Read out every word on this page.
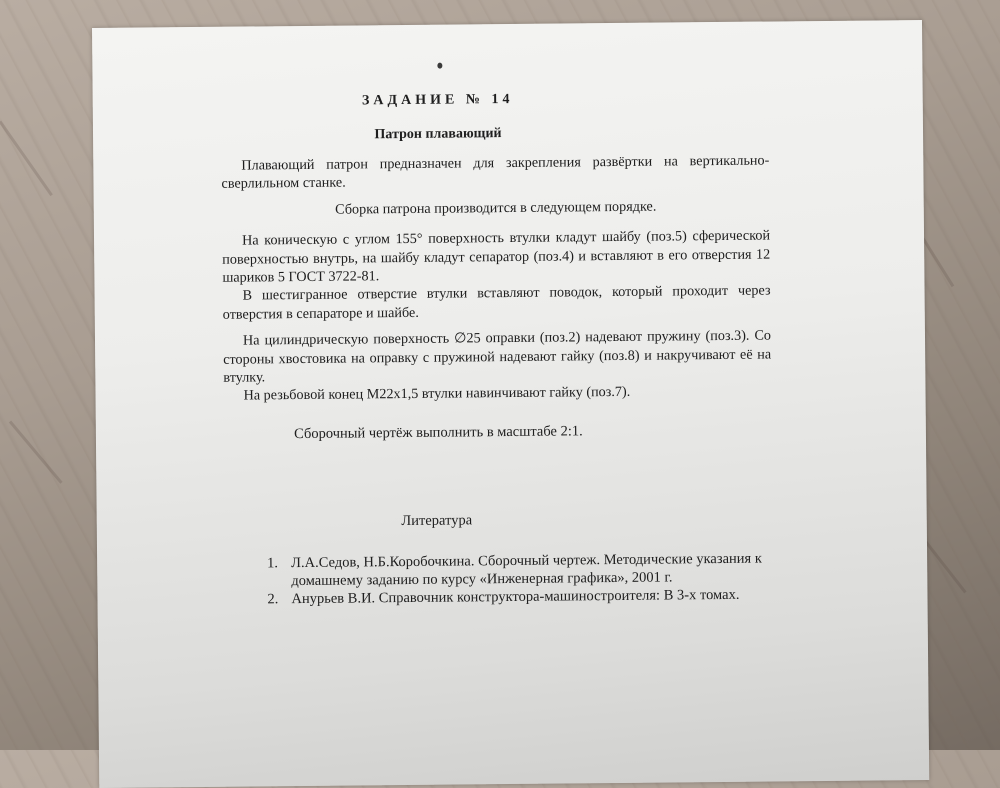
ЗАДАНИЕ № 14
Патрон плавающий

Плавающий патрон предназначен для закрепления развёртки на вертикально-сверлильном станке.

Сборка патрона производится в следующем порядке.

На коническую с углом 155° поверхность втулки кладут шайбу (поз.5) сферической поверхностью внутрь, на шайбу кладут сепаратор (поз.4) и вставляют в его отверстия 12 шариков 5 ГОСТ 3722-81.

В шестигранное отверстие втулки вставляют поводок, который проходит через отверстия в сепараторе и шайбе.

На цилиндрическую поверхность ∅25 оправки (поз.2) надевают пружину (поз.3). Со стороны хвостовика на оправку с пружиной надевают гайку (поз.8) и накручивают её на втулку.

На резьбовой конец М22х1,5 втулки навинчивают гайку (поз.7).

Сборочный чертёж выполнить в масштабе 2:1.
Литература
1. Л.А.Седов, Н.Б.Коробочкина. Сборочный чертеж. Методические указания к домашнему заданию по курсу «Инженерная графика», 2001 г.
2. Анурьев В.И. Справочник конструктора-машиностроителя: В 3-х томах.
